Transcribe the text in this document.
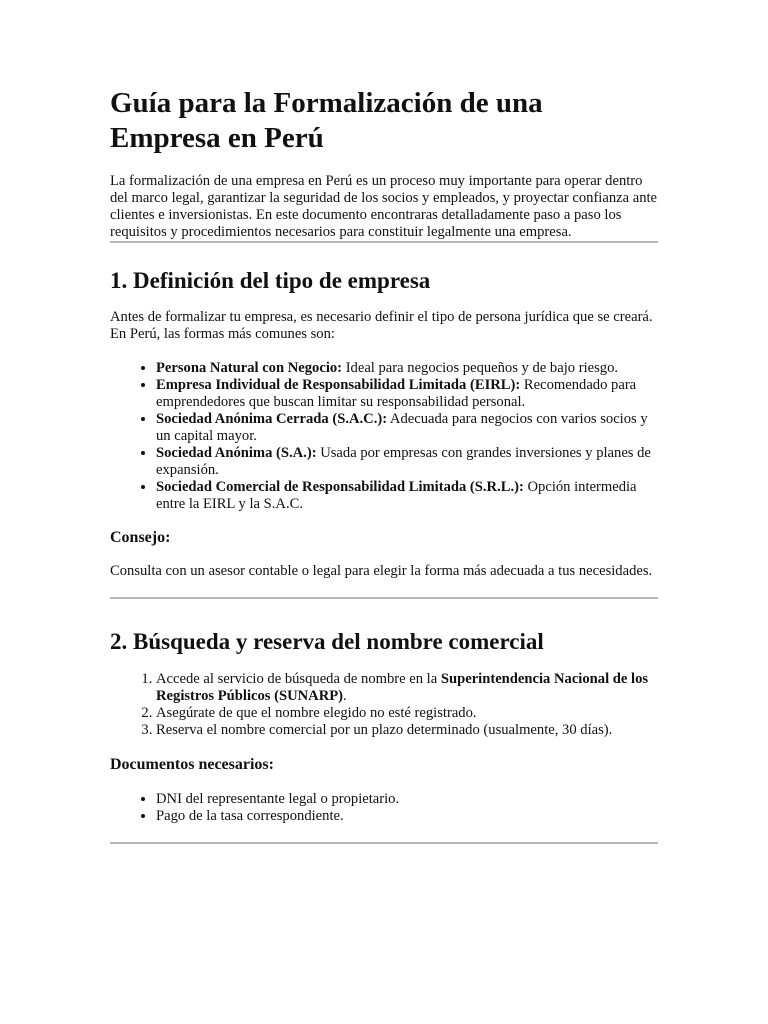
Guía para la Formalización de una Empresa en Perú

La formalización de una empresa en Perú es un proceso muy importante para operar dentro del marco legal, garantizar la seguridad de los socios y empleados, y proyectar confianza ante clientes e inversionistas. En este documento encontraras detalladamente paso a paso los requisitos y procedimientos necesarios para constituir legalmente una empresa.

1. Definición del tipo de empresa

Antes de formalizar tu empresa, es necesario definir el tipo de persona jurídica que se creará. En Perú, las formas más comunes son:

• Persona Natural con Negocio: Ideal para negocios pequeños y de bajo riesgo.
• Empresa Individual de Responsabilidad Limitada (EIRL): Recomendado para emprendedores que buscan limitar su responsabilidad personal.
• Sociedad Anónima Cerrada (S.A.C.): Adecuada para negocios con varios socios y un capital mayor.
• Sociedad Anónima (S.A.): Usada por empresas con grandes inversiones y planes de expansión.
• Sociedad Comercial de Responsabilidad Limitada (S.R.L.): Opción intermedia entre la EIRL y la S.A.C.
Consejo:

Consulta con un asesor contable o legal para elegir la forma más adecuada a tus necesidades.

2. Búsqueda y reserva del nombre comercial
1. Accede al servicio de búsqueda de nombre en la Superintendencia Nacional de los Registros Públicos (SUNARP).
2. Asegúrate de que el nombre elegido no esté registrado.
3. Reserva el nombre comercial por un plazo determinado (usualmente, 30 días).
Documentos necesarios:
• DNI del representante legal o propietario.
• Pago de la tasa correspondiente.
